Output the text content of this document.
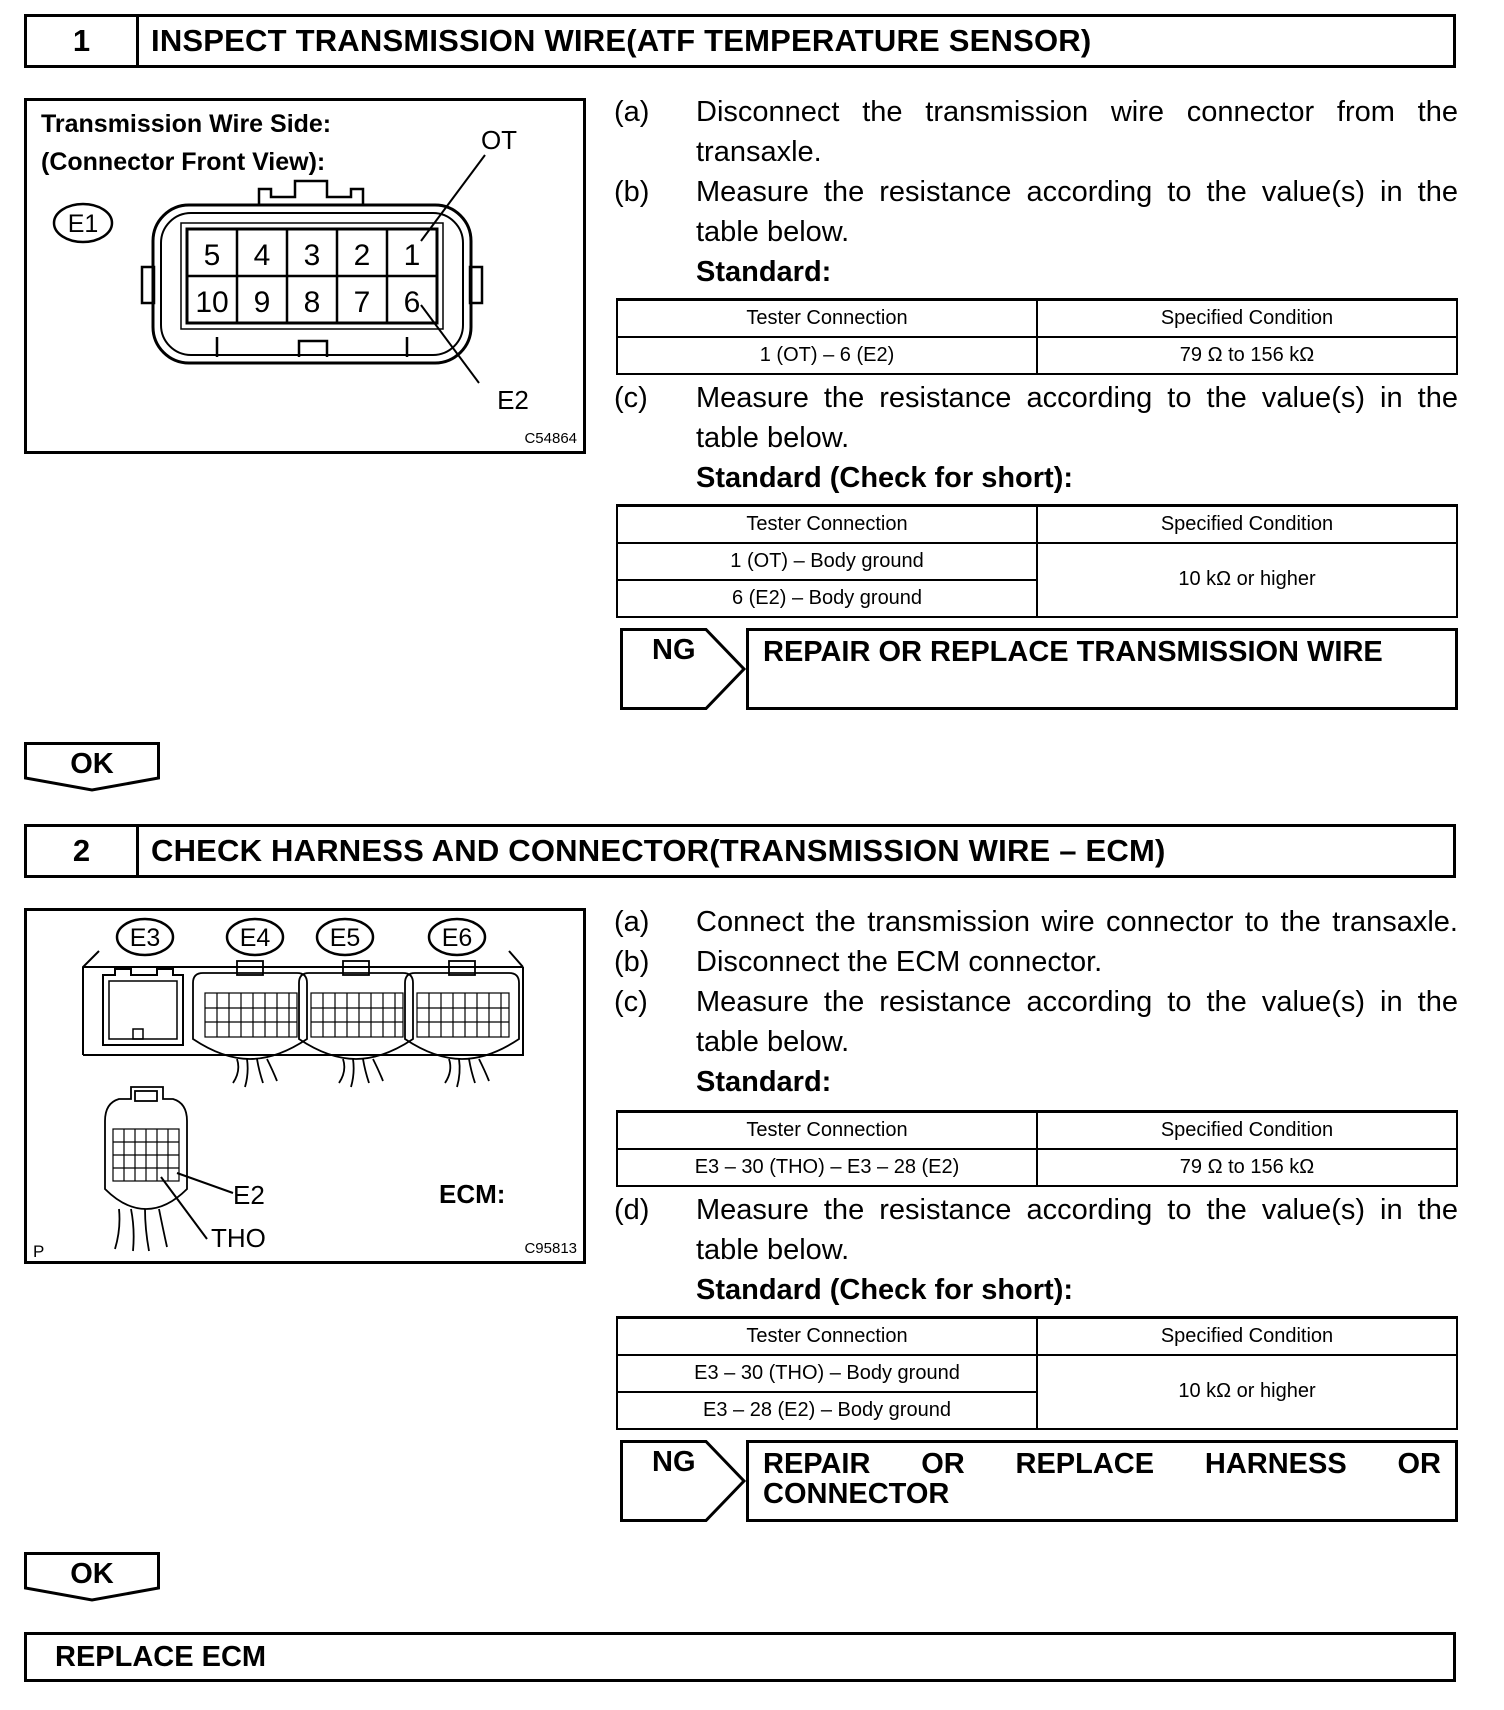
1	INSPECT TRANSMISSION WIRE(ATF TEMPERATURE SENSOR)
Transmission Wire Side:
(Connector Front View):
E1
5 4 3 2 1
10 9 8 7 6
OT
E2
C54864
(a)	Disconnect the transmission wire connector from the
transaxle.
(b)	Measure the resistance according to the value(s) in the
table below.
Standard:
Tester Connection	Specified Condition
1 (OT) – 6 (E2)	79 Ω to 156 kΩ
(c)	Measure the resistance according to the value(s) in the
table below.
Standard (Check for short):
Tester Connection	Specified Condition
1 (OT) – Body ground	10 kΩ or higher
6 (E2) – Body ground	
NG	REPAIR OR REPLACE TRANSMISSION WIRE
OK
2	CHECK HARNESS AND CONNECTOR(TRANSMISSION WIRE – ECM)
E3	E4 E5	E6
E2
THO
ECM:
P	C95813
(a)	Connect the transmission wire connector to the transaxle.
(b)	Disconnect the ECM connector.
(c)	Measure the resistance according to the value(s) in the
table below.
Standard:
Tester Connection	Specified Condition
E3 – 30 (THO) – E3 – 28 (E2)	79 Ω to 156 kΩ
(d)	Measure the resistance according to the value(s) in the
table below.
Standard (Check for short):
Tester Connection	Specified Condition
E3 – 30 (THO) – Body ground	10 kΩ or higher
E3 – 28 (E2) – Body ground	
NG	REPAIR OR REPLACE HARNESS OR CONNECTOR
OK
REPLACE ECM
